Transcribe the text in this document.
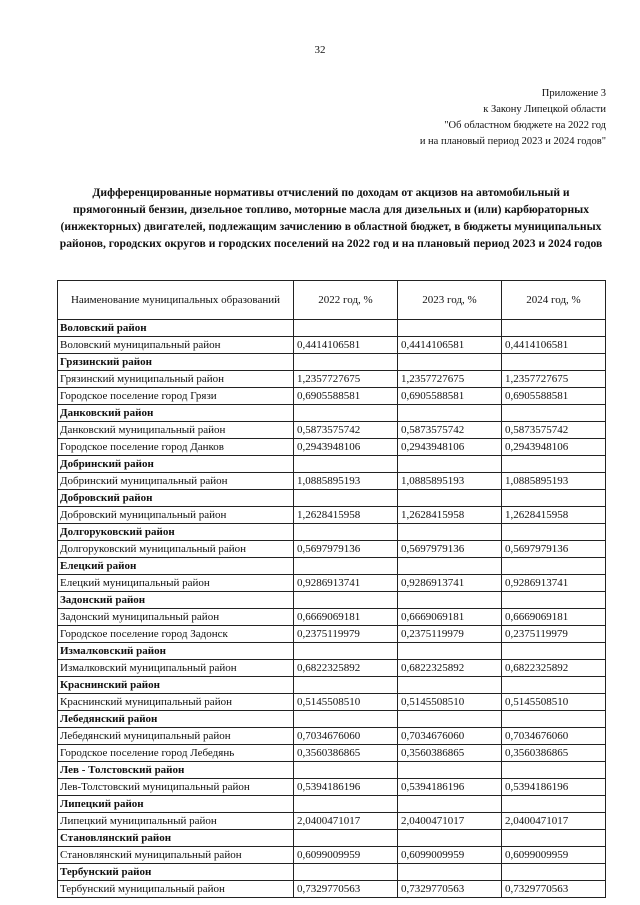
32
Приложение 3
к Закону Липецкой области
"Об областном бюджете на 2022 год
и на плановый период 2023 и 2024 годов"
Дифференцированные нормативы отчислений по доходам от акцизов на автомобильный и прямогонный бензин, дизельное топливо, моторные масла для дизельных и (или) карбюраторных (инжекторных) двигателей, подлежащим зачислению в областной бюджет, в бюджеты муниципальных районов, городских округов и городских поселений на 2022 год и на плановый период 2023 и 2024 годов
Наименование муниципальных образований	2022 год, %	2023 год, %	2024 год, %
Воловский район			
Воловский муниципальный район	0,4414106581	0,4414106581	0,4414106581
Грязинский район			
Грязинский муниципальный район	1,2357727675	1,2357727675	1,2357727675
Городское поселение город Грязи	0,6905588581	0,6905588581	0,6905588581
Данковский район			
Данковский муниципальный район	0,5873575742	0,5873575742	0,5873575742
Городское поселение город Данков	0,2943948106	0,2943948106	0,2943948106
Добринский район			
Добринский муниципальный район	1,0885895193	1,0885895193	1,0885895193
Добровский район			
Добровский муниципальный район	1,2628415958	1,2628415958	1,2628415958
Долгоруковский район			
Долгоруковский муниципальный район	0,5697979136	0,5697979136	0,5697979136
Елецкий район			
Елецкий муниципальный район	0,9286913741	0,9286913741	0,9286913741
Задонский район			
Задонский муниципальный район	0,6669069181	0,6669069181	0,6669069181
Городское поселение город Задонск	0,2375119979	0,2375119979	0,2375119979
Измалковский район			
Измалковский муниципальный район	0,6822325892	0,6822325892	0,6822325892
Краснинский район			
Краснинский муниципальный район	0,5145508510	0,5145508510	0,5145508510
Лебедянский район			
Лебедянский муниципальный район	0,7034676060	0,7034676060	0,7034676060
Городское поселение город Лебедянь	0,3560386865	0,3560386865	0,3560386865
Лев - Толстовский район			
Лев-Толстовский муниципальный район	0,5394186196	0,5394186196	0,5394186196
Липецкий район			
Липецкий муниципальный район	2,0400471017	2,0400471017	2,0400471017
Становлянский район			
Становлянский муниципальный район	0,6099009959	0,6099009959	0,6099009959
Тербунский район			
Тербунский муниципальный район	0,7329770563	0,7329770563	0,7329770563
